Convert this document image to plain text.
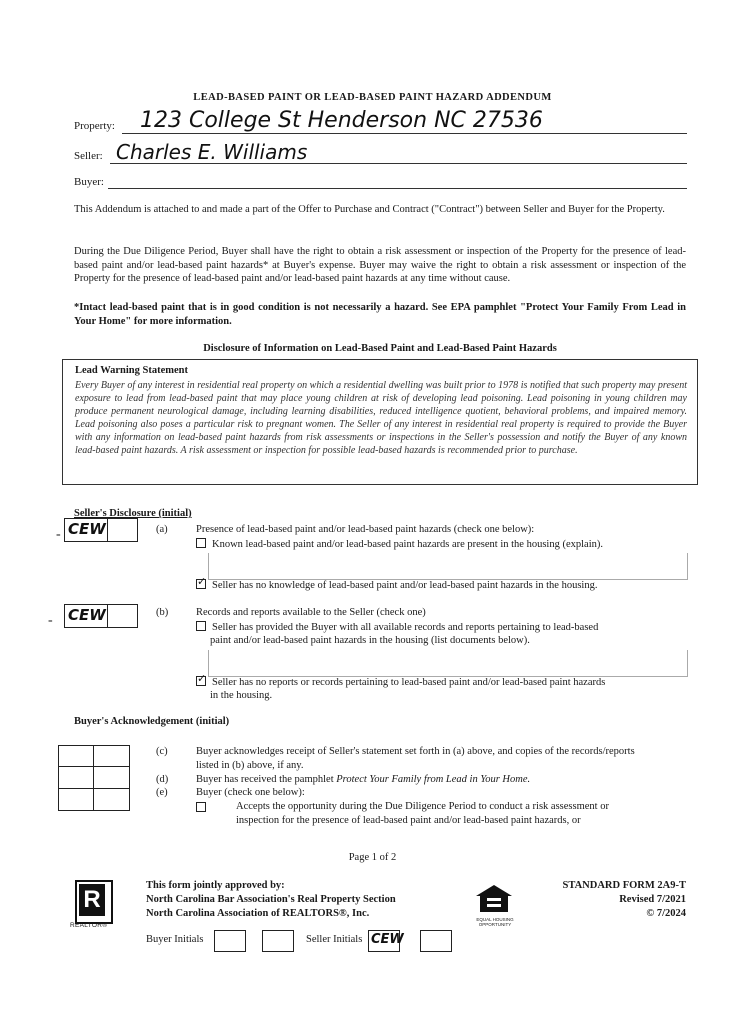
LEAD-BASED PAINT OR LEAD-BASED PAINT HAZARD ADDENDUM
Property: 123 College St Henderson NC 27536
Seller: Charles E. Williams
Buyer:
This Addendum is attached to and made a part of the Offer to Purchase and Contract ("Contract") between Seller and Buyer for the Property.
During the Due Diligence Period, Buyer shall have the right to obtain a risk assessment or inspection of the Property for the presence of lead-based paint and/or lead-based paint hazards* at Buyer's expense. Buyer may waive the right to obtain a risk assessment or inspection of the Property for the presence of lead-based paint and/or lead-based paint hazards at any time without cause.
*Intact lead-based paint that is in good condition is not necessarily a hazard. See EPA pamphlet "Protect Your Family From Lead in Your Home" for more information.
Disclosure of Information on Lead-Based Paint and Lead-Based Paint Hazards
Lead Warning Statement
Every Buyer of any interest in residential real property on which a residential dwelling was built prior to 1978 is notified that such property may present exposure to lead from lead-based paint that may place young children at risk of developing lead poisoning. Lead poisoning in young children may produce permanent neurological damage, including learning disabilities, reduced intelligence quotient, behavioral problems, and impaired memory. Lead poisoning also poses a particular risk to pregnant women. The Seller of any interest in residential real property is required to provide the Buyer with any information on lead-based paint hazards from risk assessments or inspections in the Seller's possession and notify the Buyer of any known lead-based paint hazards. A risk assessment or inspection for possible lead-based hazards is recommended prior to purchase.
Seller's Disclosure (initial)
- CEW	(a)	Presence of lead-based paint and/or lead-based paint hazards (check one below):
Known lead-based paint and/or lead-based paint hazards are present in the housing (explain).
✓Seller has no knowledge of lead-based paint and/or lead-based paint hazards in the housing.
- CEW	(b)	Records and reports available to the Seller (check one)
Seller has provided the Buyer with all available records and reports pertaining to lead-based
paint and/or lead-based paint hazards in the housing (list documents below).
✓Seller has no reports or records pertaining to lead-based paint and/or lead-based paint hazards
in the housing.
Buyer's Acknowledgement (initial)
(c)	Buyer acknowledges receipt of Seller's statement set forth in (a) above, and copies of the records/reports
listed in (b) above, if any.
(d)	Buyer has received the pamphlet Protect Your Family from Lead in Your Home.
(e)	Buyer (check one below):
Accepts the opportunity during the Due Diligence Period to conduct a risk assessment or
inspection for the presence of lead-based paint and/or lead-based paint hazards, or
Page 1 of 2
R
REALTOR®
This form jointly approved by:
North Carolina Bar Association's Real Property Section
North Carolina Association of REALTORS®, Inc.
EQUAL HOUSING OPPORTUNITY
STANDARD FORM 2A9-T
Revised 7/2021
© 7/2024
Buyer Initials	Seller Initials CEW
